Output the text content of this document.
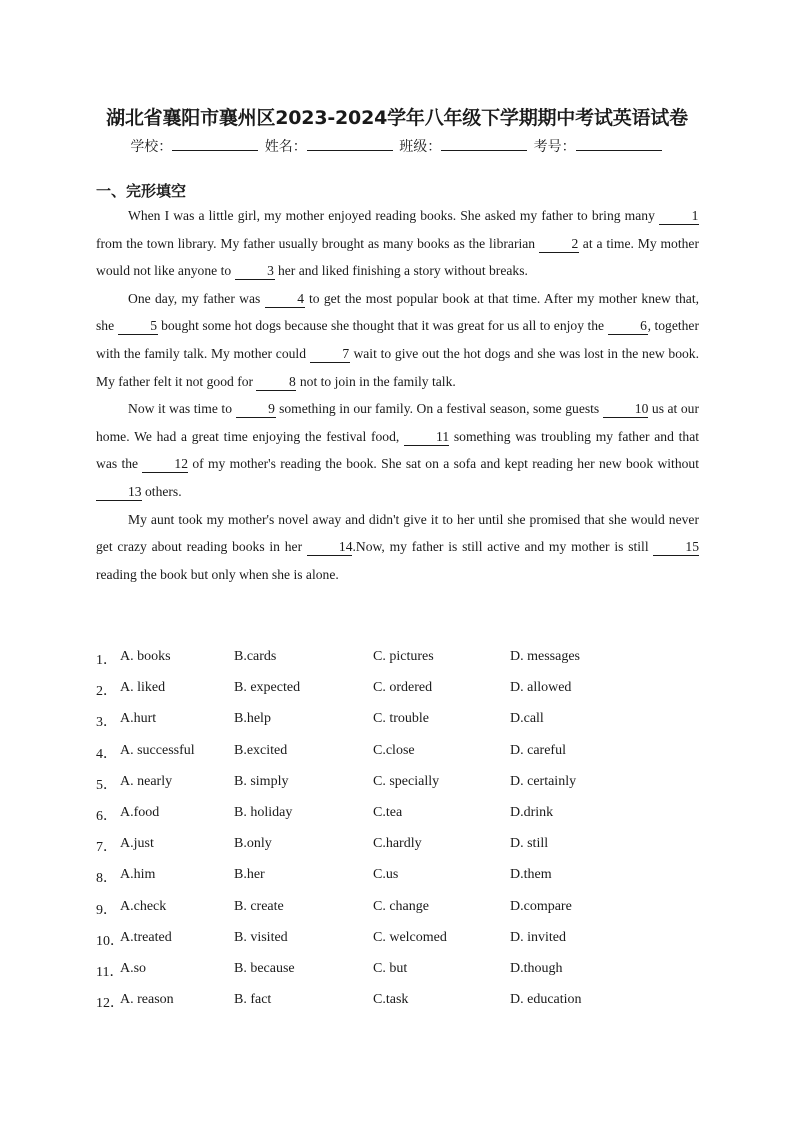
湖北省襄阳市襄州区2023-2024学年八年级下学期期中考试英语试卷
学校：	姓名：	班级：	考号：
一、完形填空

When I was a little girl, my mother enjoyed reading books. She asked my father to bring many 1 from the town library. My father usually brought as many books as the librarian 2 at a time. My mother would not like anyone to 3 her and liked finishing a story without breaks.

One day, my father was 4 to get the most popular book at that time. After my mother knew that, she 5 bought some hot dogs because she thought that it was great for us all to enjoy the 6, together with the family talk. My mother could 7 wait to give out the hot dogs and she was lost in the new book. My father felt it not good for 8 not to join in the family talk.

Now it was time to 9 something in our family. On a festival season, some guests 10 us at our home. We had a great time enjoying the festival food, 11 something was troubling my father and that was the 12 of my mother's reading the book. She sat on a sofa and kept reading her new book without 13 others.

My aunt took my mother's novel away and didn't give it to her until she promised that she would never get crazy about reading books in her 14.Now, my father is still active and my mother is still 15 reading the book but only when she is alone.

1． A. books	B.cards	C. pictures	D. messages
2． A. liked	B. expected	C. ordered	D. allowed
3． A.hurt	B.help	C. trouble	D.call
4． A. successful	B.excited	C.close	D. careful
5． A. nearly	B. simply	C. specially	D. certainly
6． A.food	B. holiday	C.tea	D.drink
7． A.just	B.only	C.hardly	D. still
8． A.him	B.her	C.us	D.them
9． A.check	B. create	C. change	D.compare
10．
A.treated	B. visited	C. welcomed	D. invited
11．
A.so	B. because	C. but	D.though
12．
A. reason	B. fact	C.task	D. education
